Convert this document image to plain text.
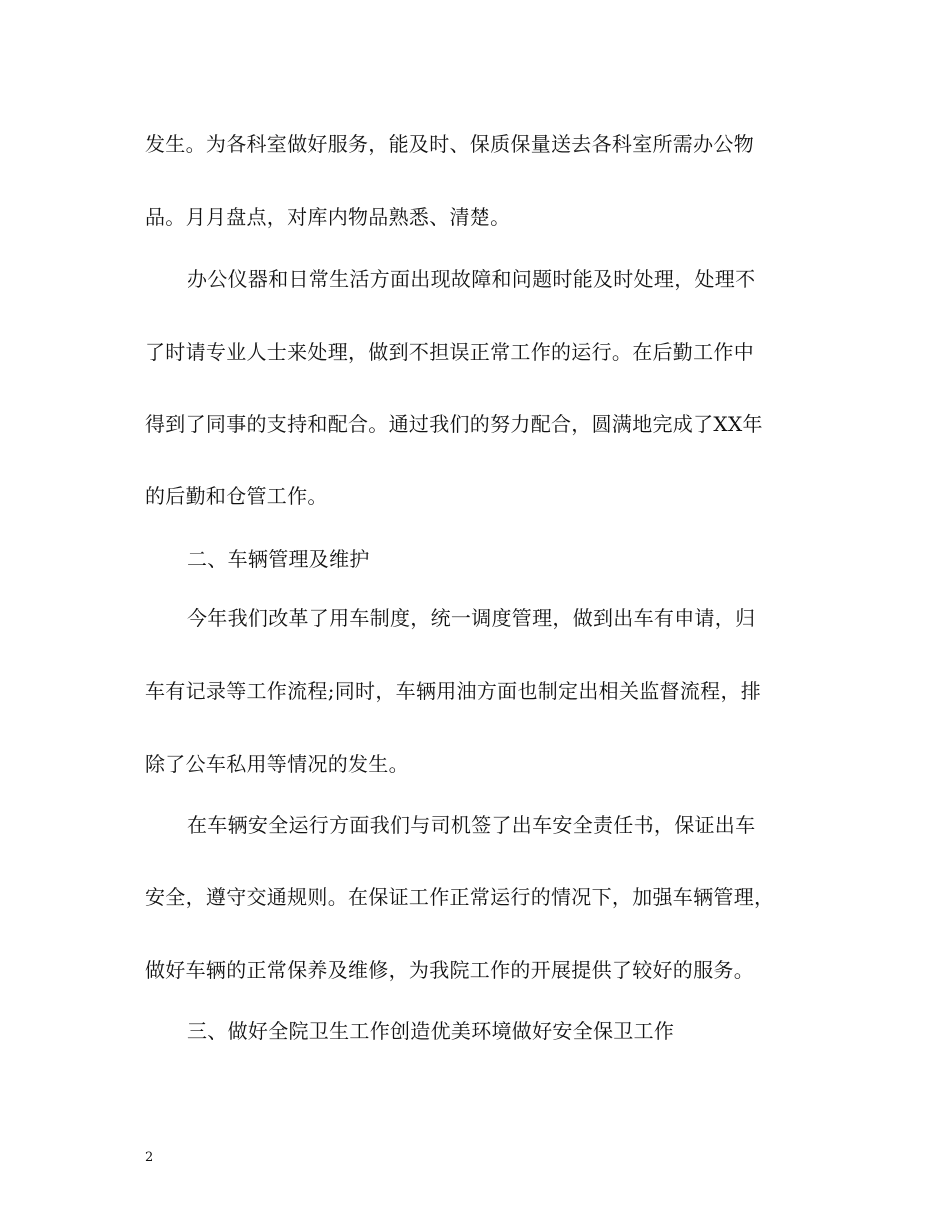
发生。为各科室做好服务，能及时、保质保量送去各科室所需办公物
品。月月盘点，对库内物品熟悉、清楚。
办公仪器和日常生活方面出现故障和问题时能及时处理，处理不
了时请专业人士来处理，做到不担误正常工作的运行。在后勤工作中
得到了同事的支持和配合。通过我们的努力配合，圆满地完成了XX年
的后勤和仓管工作。
二、车辆管理及维护
今年我们改革了用车制度，统一调度管理，做到出车有申请，归
车有记录等工作流程;同时，车辆用油方面也制定出相关监督流程，排
除了公车私用等情况的发生。
在车辆安全运行方面我们与司机签了出车安全责任书，保证出车
安全，遵守交通规则。在保证工作正常运行的情况下，加强车辆管理，
做好车辆的正常保养及维修，为我院工作的开展提供了较好的服务。
三、做好全院卫生工作创造优美环境做好安全保卫工作
2
